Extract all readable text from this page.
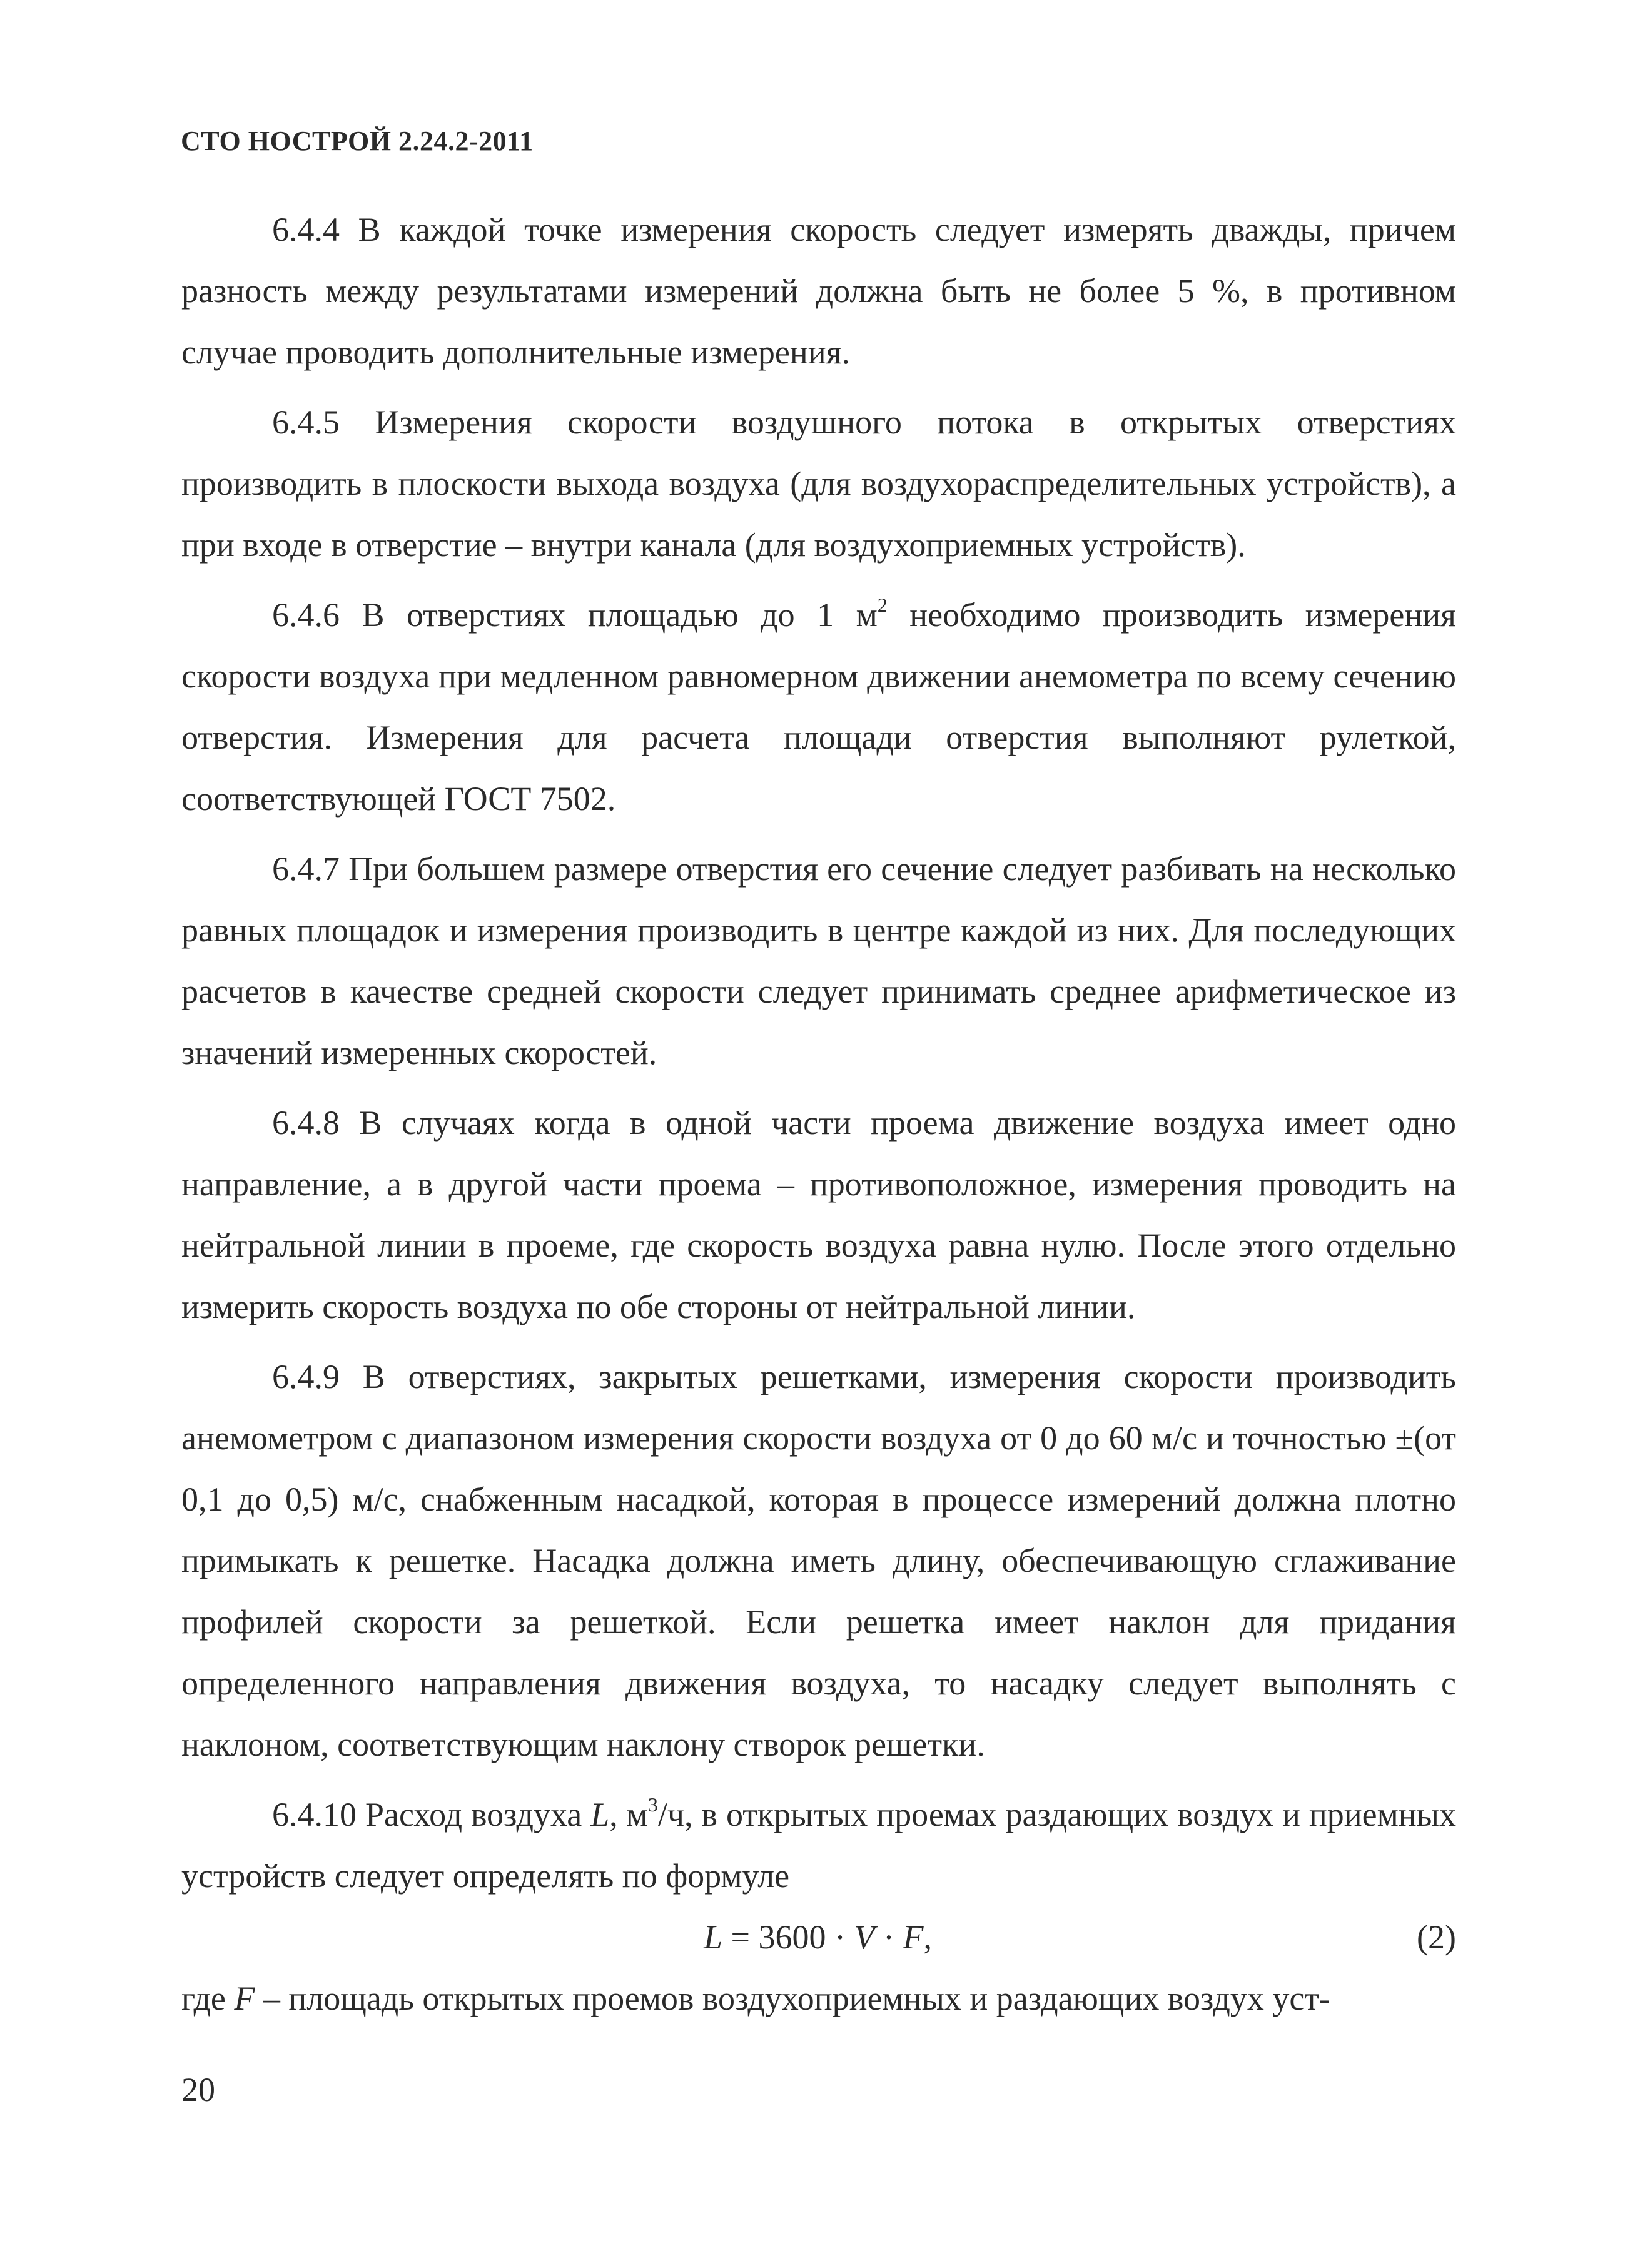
СТО НОСТРОЙ 2.24.2-2011

6.4.4 В каждой точке измерения скорость следует измерять дважды, причем разность между результатами измерений должна быть не более 5 %, в противном случае проводить дополнительные измерения.

6.4.5 Измерения скорости воздушного потока в открытых отверстиях производить в плоскости выхода воздуха (для воздухораспределительных устройств), а при входе в отверстие – внутри канала (для воздухоприемных устройств).

6.4.6 В отверстиях площадью до 1 $м^2$ необходимо производить измерения скорости воздуха при медленном равномерном движении анемометра по всему сечению отверстия. Измерения для расчета площади отверстия выполняют рулеткой, соответствующей ГОСТ 7502.

6.4.7 При большем размере отверстия его сечение следует разбивать на несколько равных площадок и измерения производить в центре каждой из них. Для последующих расчетов в качестве средней скорости следует принимать среднее арифметическое из значений измеренных скоростей.

6.4.8 В случаях когда в одной части проема движение воздуха имеет одно направление, а в другой части проема – противоположное, измерения проводить на нейтральной линии в проеме, где скорость воздуха равна нулю. После этого отдельно измерить скорость воздуха по обе стороны от нейтральной линии.

6.4.9 В отверстиях, закрытых решетками, измерения скорости производить анемометром с диапазоном измерения скорости воздуха от 0 до 60 м/с и точностью ±(от 0,1 до 0,5) м/с, снабженным насадкой, которая в процессе измерений должна плотно примыкать к решетке. Насадка должна иметь длину, обеспечивающую сглаживание профилей скорости за решеткой. Если решетка имеет наклон для придания определенного направления движения воздуха, то насадку следует выполнять с наклоном, соответствующим наклону створок решетки.

6.4.10 Расход воздуха L, $м^3/ч$, в открытых проемах раздающих воздух и приемных устройств следует определять по формуле

L = 3600 · V · F,	(2)

где F – площадь открытых проемов воздухоприемных и раздающих воздух уст-

20
